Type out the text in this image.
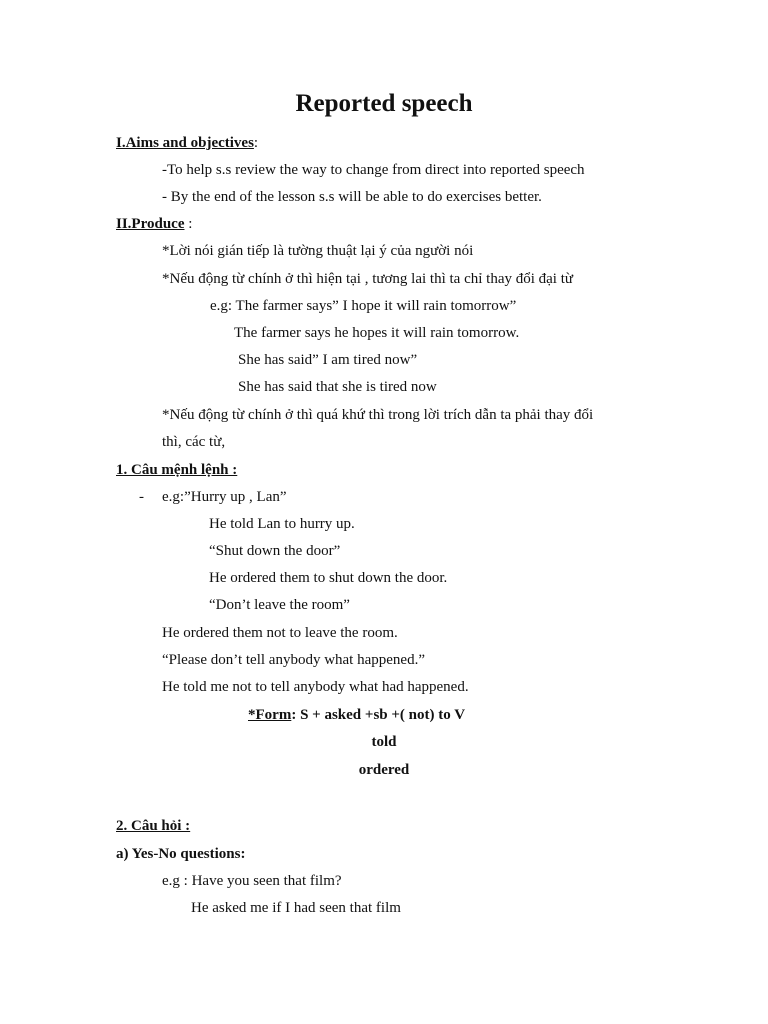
Reported speech
I.Aims and objectives:
-To help s.s review the way to change from direct into reported speech
- By the end of the lesson s.s will be able to do exercises better.
II.Produce :
*Lời nói gián tiếp là tường thuật lại ý của người nói
*Nếu động từ chính ở thì hiện tại , tương lai thì ta chỉ thay đổi đại từ
e.g: The farmer says” I hope it will rain tomorrow”
The farmer says he hopes it will rain tomorrow.
She has said” I am tired now”
She has said that she is tired now
*Nếu động từ chính ở thì quá khứ thì trong lời trích dẫn ta phải thay đổi
thì, các từ,
1. Câu mệnh lệnh :
- e.g:”Hurry up , Lan”
He told Lan to hurry up.
“Shut down the door”
He ordered them to shut down the door.
“Don’t leave the room”
He ordered them not to leave the room.
“Please don’t tell anybody what happened.”
He told me not to tell anybody what had happened.
*Form: S + asked +sb +( not) to V
told
ordered
2. Câu hỏi :
a) Yes-No questions:
e.g : Have you seen that film?
He asked me if I had seen that film
